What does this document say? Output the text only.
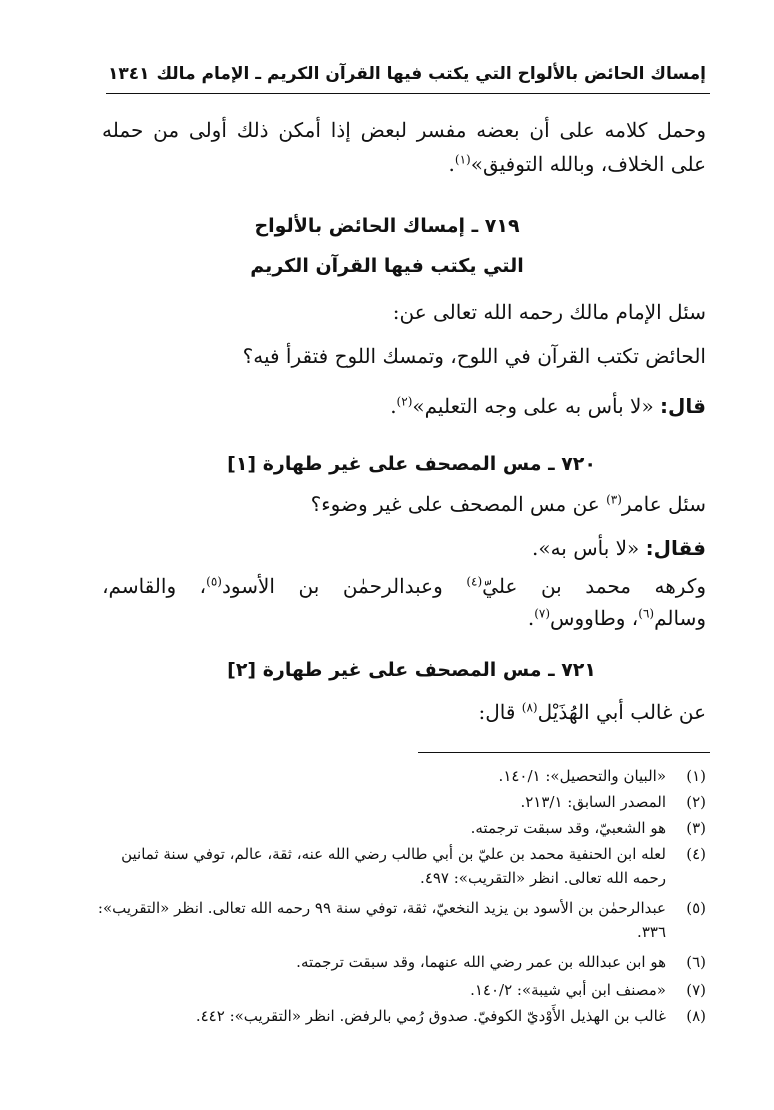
إمساك الحائض بالألواح التي يكتب فيها القرآن الكريم ـ الإمام مالك
١٣٤١
وحمل
كلامه
على
أن
بعضه
مفسر
لبعض
إذا
أمكن
ذلك
أولى
من
حمله
على الخلاف، وبالله التوفيق»$^{(١)}$.
٧١٩ ـ إمساك الحائض بالألواح
التي يكتب فيها القرآن الكريم
سئل الإمام مالك رحمه الله تعالى عن:
الحائض تكتب القرآن في اللوح، وتمسك اللوح فتقرأ فيه؟
قال: «لا بأس به على وجه التعليم»$^{(٢)}$.
٧٢٠ ـ مس المصحف على غير طهارة [١]
سئل عامر$^{(٣)}$ عن مس المصحف على غير وضوء؟
فقال: «لا بأس به».
وكرهه
محمد
بن
عليّ$^{(٤)}$
وعبدالرحمٰن
بن
الأسود$^{(٥)}$،
والقاسم،
وسالم$^{(٦)}$، وطاووس$^{(٧)}$.
٧٢١ ـ مس المصحف على غير طهارة [٢]
عن غالب أبي الهُذَيْل$^{(٨)}$ قال:
(١)
«البيان والتحصيل»: ١٤٠/١.
(٢)
المصدر السابق: ٢١٣/١.
(٣)
هو الشعبيّ، وقد سبقت ترجمته.
(٤)
لعله ابن الحنفية محمد بن عليّ بن أبي طالب رضي الله عنه، ثقة، عالم، توفي سنة ثمانين رحمه الله تعالى. انظر «التقريب»: ٤٩٧.
(٥)
عبدالرحمٰن بن الأسود بن يزيد النخعيّ، ثقة، توفي سنة ٩٩ رحمه الله تعالى. انظر «التقريب»: ٣٣٦.
(٦)
هو ابن عبدالله بن عمر رضي الله عنهما، وقد سبقت ترجمته.
(٧)
«مصنف ابن أبي شيبة»: ١٤٠/٢.
(٨)
غالب بن الهذيل الأَوْديّ الكوفيّ. صدوق رُمي بالرفض. انظر «التقريب»: ٤٤٢.
